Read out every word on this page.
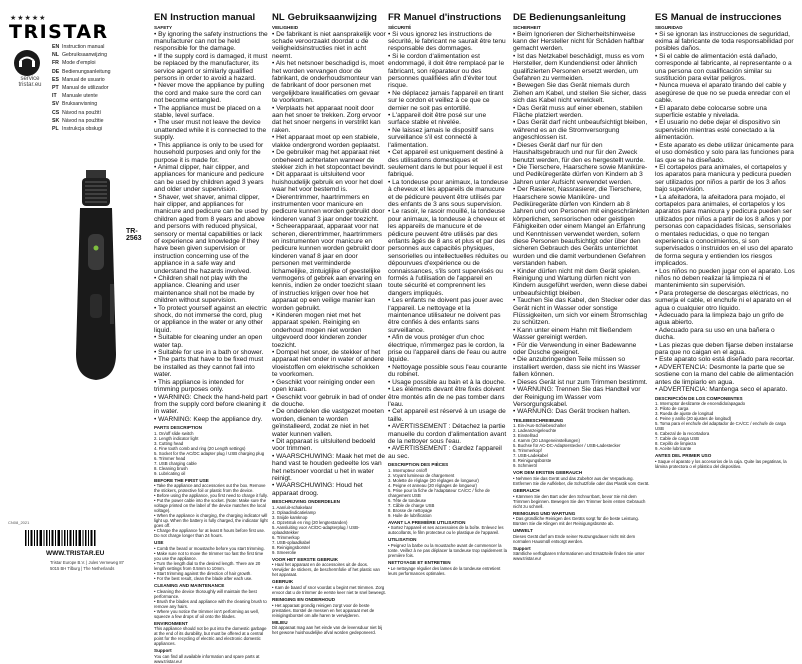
★★★★★
TRISTAR
service tristar.eu
EN Instruction manual
NL Gebruiksaanwijzing
FR Mode d'emploi
DE Bedienungsanleitung
ES Manual de usuario
PT Manual de utilizador
IT	Manuale utente
SV Bruksanvisning
CS Návod na použití
SK Návod na použitie
PL Instrukcja obsługi
TR-2563
CN08_2021
WWW.TRISTAR.EU
Tristar Europe B.V. | Jules Verneweg 87
5015 BH Tilburg | The Netherlands
EN Instruction manual
SAFETY

• By ignoring the safety instructions the manufacturer can not be held responsible for the damage.

• If the supply cord is damaged, it must be replaced by the manufacturer, its service agent or similarly qualified persons in order to avoid a hazard.

• Never move the appliance by pulling the cord and make sure the cord can not become entangled.

• The appliance must be placed on a stable, level surface.

• The user must not leave the device unattended while it is connected to the supply.

• This appliance is only to be used for household purposes and only for the purpose it is made for.

• Animal clipper, hair clipper, and appliances for manicure and pedicure can be used by children aged 3 years and older under supervision.

• Shaver, wet shaver, animal clipper, hair clipper, and appliances for manicure and pedicure can be used by children aged from 8 years and above and persons with reduced physical, sensory or mental capabilities or lack of experience and knowledge if they have been given supervision or instruction concerning use of the appliance in a safe way and understand the hazards involved.

• Children shall not play with the appliance. Cleaning and user maintenance shall not be made by children without supervision.

• To protect yourself against an electric shock, do not immerse the cord, plug or appliance in the water or any other liquid.

• Suitable for cleaning under an open water tap.

• Suitable for use in a bath or shower.

• The parts that have to be fixed must be installed as they cannot fall into water.

• This appliance is intended for trimming purposes only.

• WARNING: Check the hand-held part from the supply cord before cleaning it in water.

• WARNING: Keep the appliance dry.

PARTS DESCRIPTION

1. On/off slide switch

2. Length indicator light

3. Cutting head

4. Fine tooth comb and ring (20 Length settings)

5. Socket for the AC/DC adapter plug / USB charging plug

6. Trimmer head

7. USB charging cable

8. Cleaning brush

9. Lubricating oil

BEFORE THE FIRST USE

• Take the appliance and accessories out the box. Remove the stickers, protective foil or plastic from the device.

• Before using the appliance, you first need to charge it fully.

• Put the power cable into the socket. (Note: Make sure the voltage printed on the label of the device matches the local voltage).

• When the appliance is charging, the charging indicator will light up. When the battery is fully charged, the indicator light goes off.

• Charge the appliance for at least 8 hours before first use. Do not charge longer than 24 hours.

USE

• Comb the beard or moustache before you start trimming.

• Make sure not to move the trimmer too fast the first time you use the appliance.

• Turn the length dial to the desired length. There are 20 length settings from 0.5mm to 10mm.

• Start trimming against the direction of hair growth.

• For the best result, clean the blade after each use.

CLEANING AND MAINTENANCE

• Cleaning the device thoroughly will maintain the best performance.

• Brush the blades and appliance with the cleaning brush to remove any hairs.

• Where you notice the trimmer isn't performing as well, squeeze a few drops of oil onto the blades.

ENVIRONMENT

This appliance should not be put into the domestic garbage at the end of its durability, but must be offered at a central point for the recycling of electric and electronic domestic appliances.

Support

You can find all available information and spare parts at www.tristar.eu!

NL Gebruiksaanwijzing
VEILIGHEID

• De fabrikant is niet aansprakelijk voor schade veroorzaakt doordat u de veiligheidsinstructies niet in acht neemt.

• Als het netsnoer beschadigd is, moet het worden vervangen door de fabrikant, de onderhoudsmonteur van de fabrikant of door personen met vergelijkbare kwalificaties om gevaar te voorkomen.

• Verplaats het apparaat nooit door aan het snoer te trekken. Zorg ervoor dat het snoer nergens in verstrikt kan raken.

• Het apparaat moet op een stabiele, vlakke ondergrond worden geplaatst.

• De gebruiker mag het apparaat niet onbeheerd achterlaten wanneer de stekker zich in het stopcontact bevindt.

• Dit apparaat is uitsluitend voor huishoudelijk gebruik en voor het doel waar het voor bestemd is.

• Dierentrimmer, haartrimmers en instrumenten voor manicure en pedicure kunnen worden gebruikt door kinderen vanaf 3 jaar onder toezicht.

• Scheerapparaat, apparaat voor nat scheren, dierentrimmer, haartrimmers en instrumenten voor manicure en pedicure kunnen worden gebruikt door kinderen vanaf 8 jaar en door personen met verminderde lichamelijke, zintuiglijke of geestelijke vermogens of gebrek aan ervaring en kennis, indien ze onder toezicht staan of instructies krijgen over hoe het apparaat op een veilige manier kan worden gebruikt.

• Kinderen mogen niet met het apparaat spelen. Reiniging en onderhoud mogen niet worden uitgevoerd door kinderen zonder toezicht.

• Dompel het snoer, de stekker of het apparaat niet onder in water of andere vloeistoffen om elektrische schokken te voorkomen.

• Geschikt voor reiniging onder een open kraan.

• Geschikt voor gebruik in bad of onder de douche.

• De onderdelen die vastgezet moeten worden, dienen te worden geïnstalleerd, zodat ze niet in het water kunnen vallen.

• Dit apparaat is uitsluitend bedoeld voor trimmen.

• WAARSCHUWING: Maak het met de hand vast te houden gedeelte los van het netsnoer voordat u het in water reinigt.

• WAARSCHUWING: Houd het apparaat droog.

BESCHRIJVING ONDERDELEN

1. Aan/uit-schakelaar

2. Oplaadindicatielamp

3. Snijde kamknop

4. Opzetstuk en ring (20 lengtestanden)

5. Aansluiting voor AC/DC-adapterplug / USB-oplaadstekker

6. Trimmerkop

7. USB-oplaadkabel

8. Reinigingsborstel

9. Smeerolie

VOOR HET EERSTE GEBRUIK

• Haal het apparaat en de accessoires uit de doos. Verwijder de stickers, de beschermfolie of het plastic van het apparaat.

GEBRUIK

• Kam de baard of snor voordat u begint met trimmen. Zorg ervoor dat u de trimmer de eerste keer niet te snel beweegt.

REINIGING EN ONDERHOUD

• Het apparaat grondig reinigen zorgt voor de beste prestaties. Borstel de messen en het apparaat met de reinigingsborstel om alle haren te verwijderen.

MILIEU

Dit apparaat mag aan het einde van de levensduur niet bij het gewone huishoudelijke afval worden gedeponeerd.

FR Manuel d'instructions
SÉCURITÉ

• Si vous ignorez les instructions de sécurité, le fabricant ne saurait être tenu responsable des dommages.

• Si le cordon d'alimentation est endommagé, il doit être remplacé par le fabricant, son réparateur ou des personnes qualifiées afin d'éviter tout risque.

• Ne déplacez jamais l'appareil en tirant sur le cordon et veillez à ce que ce dernier ne soit pas entortillé.

• L'appareil doit être posé sur une surface stable et nivelée.

• Ne laissez jamais le dispositif sans surveillance s'il est connecté à l'alimentation.

• Cet appareil est uniquement destiné à des utilisations domestiques et seulement dans le but pour lequel il est fabriqué.

• La tondeuse pour animaux, la tondeuse à cheveux et les appareils de manucure et de pédicure peuvent être utilisés par des enfants de 3 ans sous supervision.

• Le rasoir, le rasoir mouillé, la tondeuse pour animaux, la tondeuse à cheveux et les appareils de manucure et de pédicure peuvent être utilisés par des enfants âgés de 8 ans et plus et par des personnes aux capacités physiques, sensorielles ou intellectuelles réduites ou dépourvues d'expérience ou de connaissances, s'ils sont supervisés ou formés à l'utilisation de l'appareil en toute sécurité et comprennent les dangers impliqués.

• Les enfants ne doivent pas jouer avec l'appareil. Le nettoyage et la maintenance utilisateur ne doivent pas être confiés à des enfants sans surveillance.

• Afin de vous protéger d'un choc électrique, n'immergez pas le cordon, la prise ou l'appareil dans de l'eau ou autre liquide.

• Nettoyage possible sous l'eau courante du robinet.

• Usage possible au bain et à la douche.

• Les éléments devant être fixés doivent être montés afin de ne pas tomber dans l'eau.

• Cet appareil est réservé à un usage de taille.

• AVERTISSEMENT : Détachez la partie manuelle du cordon d'alimentation avant de la nettoyer sous l'eau.

• AVERTISSEMENT : Gardez l'appareil au sec.

DESCRIPTION DES PIÈCES

1. Interrupteur on/off

2. Voyant lumineux de chargement

3. Molette de réglage (20 réglages de longueur)

4. Peigne et anneau (20 réglages de longueur)

5. Prise pour la fiche de l'adaptateur CA/CC / fiche de chargement USB

6. Tête de tondeuse

7. Câble de charge USB

8. Brosse de nettoyage

9. Huile de lubrification

AVANT LA PREMIÈRE UTILISATION

• Sortez l'appareil et ses accessoires de la boîte. Enlevez les autocollants, le film protecteur ou le plastique de l'appareil.

UTILISATION

• Peignez la barbe ou la moustache avant de commencer la tonte. Veillez à ne pas déplacer la tondeuse trop rapidement la première fois.

NETTOYAGE ET ENTRETIEN

• Le nettoyage régulier des lames de la tondeuse entretient leurs performances optimales.

DE Bedienungsanleitung
SICHERHEIT

• Beim Ignorieren der Sicherheitshinweise kann der Hersteller nicht für Schäden haftbar gemacht werden.

• Ist das Netzkabel beschädigt, muss es vom Hersteller, dem Kundendienst oder ähnlich qualifizierten Personen ersetzt werden, um Gefahren zu vermeiden.

• Bewegen Sie das Gerät niemals durch Ziehen am Kabel, und stellen Sie sicher, dass sich das Kabel nicht verwickelt.

• Das Gerät muss auf einer ebenen, stabilen Fläche platziert werden.

• Das Gerät darf nicht unbeaufsichtigt bleiben, während es an die Stromversorgung angeschlossen ist.

• Dieses Gerät darf nur für den Haushaltsgebrauch und nur für den Zweck benutzt werden, für den es hergestellt wurde.

• Die Tierschere, Haarschere sowie Maniküre- und Pediküregeräte dürfen von Kindern ab 3 Jahren unter Aufsicht verwendet werden.

• Der Rasierer, Nassrasierer, die Tierschere, Haarschere sowie Maniküre- und Pediküregeräte dürfen von Kindern ab 8 Jahren und von Personen mit eingeschränkten körperlichen, sensorischen oder geistigen Fähigkeiten oder einem Mangel an Erfahrung und Kenntnissen verwendet werden, sofern diese Personen beaufsichtigt oder über den sicheren Gebrauch des Geräts unterrichtet wurden und die damit verbundenen Gefahren verstanden haben.

• Kinder dürfen nicht mit dem Gerät spielen. Reinigung und Wartung dürfen nicht von Kindern ausgeführt werden, wenn diese dabei unbeaufsichtigt bleiben.

• Tauchen Sie das Kabel, den Stecker oder das Gerät nicht in Wasser oder sonstige Flüssigkeiten, um sich vor einem Stromschlag zu schützen.

• Kann unter einem Hahn mit fließendem Wasser gereinigt werden.

• Für die Verwendung in einer Badewanne oder Dusche geeignet.

• Die anzubringenden Teile müssen so installiert werden, dass sie nicht ins Wasser fallen können.

• Dieses Gerät ist nur zum Trimmen bestimmt.

• WARNUNG: Trennen Sie das Handteil vor der Reinigung im Wasser vom Versorgungskabel.

• WARNUNG: Das Gerät trocken halten.

TEILEBESCHREIBUNG

1. Ein-/Aus-Schiebeschalter

2. Ladeanzeigeleuchte

3. Einstellrad

4. Kamm (20 Längeneinstellungen)

5. Buchse für AC-DC-Adapterstecker / USB-Ladestecker

6. Trimmerkopf

7. USB-Ladekabel

8. Reinigungsbürste

9. Schmieröl

VOR DEM ERSTEN GEBRAUCH

• Nehmen Sie das Gerät und das Zubehör aus der Verpackung. Entfernen Sie die Aufkleber, die Schutzfolie oder das Plastik vom Gerät.

GEBRAUCH

• Kämmen Sie den Bart oder den Schnurrbart, bevor Sie mit dem Trimmen beginnen. Bewegen Sie den Trimmer beim ersten Gebrauch nicht zu schnell.

REINIGUNG UND WARTUNG

• Das gründliche Reinigen des Geräts sorgt für die beste Leistung. Bürsten Sie die Klingen mit der Reinigungsbürste ab.

UMWELT

Dieses Gerät darf am Ende seiner Nutzungsdauer nicht mit dem normalen Hausmüll entsorgt werden.

Support

Sämtliche verfügbaren Informationen und Ersatzteile finden Sie unter www.tristar.eu!

ES Manual de instrucciones
SEGURIDAD

• Si se ignoran las instrucciones de seguridad, exima al fabricante de toda responsabilidad por posibles daños.

• Si el cable de alimentación está dañado, corresponde al fabricante, al representante o a una persona con cualificación similar su sustitución para evitar peligros.

• Nunca mueva el aparato tirando del cable y asegúrese de que no se pueda enredar con el cable.

• El aparato debe colocarse sobre una superficie estable y nivelada.

• El usuario no debe dejar el dispositivo sin supervisión mientras esté conectado a la alimentación.

• Este aparato es debe utilizar únicamente para el uso doméstico y solo para las funciones para las que se ha diseñado.

• El cortapelos para animales, el cortapelos y los aparatos para manicura y pedicura pueden ser utilizados por niños a partir de los 3 años bajo supervisión.

• La afeitadora, la afeitadora para mojado, el cortapelos para animales, el cortapelos y los aparatos para manicura y pedicura pueden ser utilizados por niños a partir de los 8 años y por personas con capacidades físicas, sensoriales o mentales reducidas, o que no tengan experiencia o conocimientos, si son supervisados o instruidos en el uso del aparato de forma segura y entienden los riesgos implicados.

• Los niños no pueden jugar con el aparato. Los niños no deben realizar la limpieza ni el mantenimiento sin supervisión.

• Para protegerse de descargas eléctricas, no sumerja el cable, el enchufe ni el aparato en el agua o cualquier otro líquido.

• Adecuado para la limpieza bajo un grifo de agua abierto.

• Adecuado para su uso en una bañera o ducha.

• Las piezas que deben fijarse deben instalarse para que no caigan en el agua.

• Este aparato solo está diseñado para recortar.

• ADVERTENCIA: Desmonte la parte que se sostiene con la mano del cable de alimentación antes de limpiarlo en agua.

• ADVERTENCIA: Mantenga seco el aparato.

DESCRIPCIÓN DE LOS COMPONENTES

1. Interruptor deslizante de encendido/apagado

2. Piloto de carga

3. Rueda de ajuste de longitud

4. Peine y anillo (20 ajustes de longitud)

5. Toma para el enchufe del adaptador de CA/CC / enchufe de carga USB

6. Cabezal de la recortadora

7. Cable de carga USB

8. Cepillo de limpieza

9. Aceite lubricante

ANTES DEL PRIMER USO

• Saque el aparato y los accesorios de la caja. Quite las pegatinas, la lámina protectora o el plástico del dispositivo.
